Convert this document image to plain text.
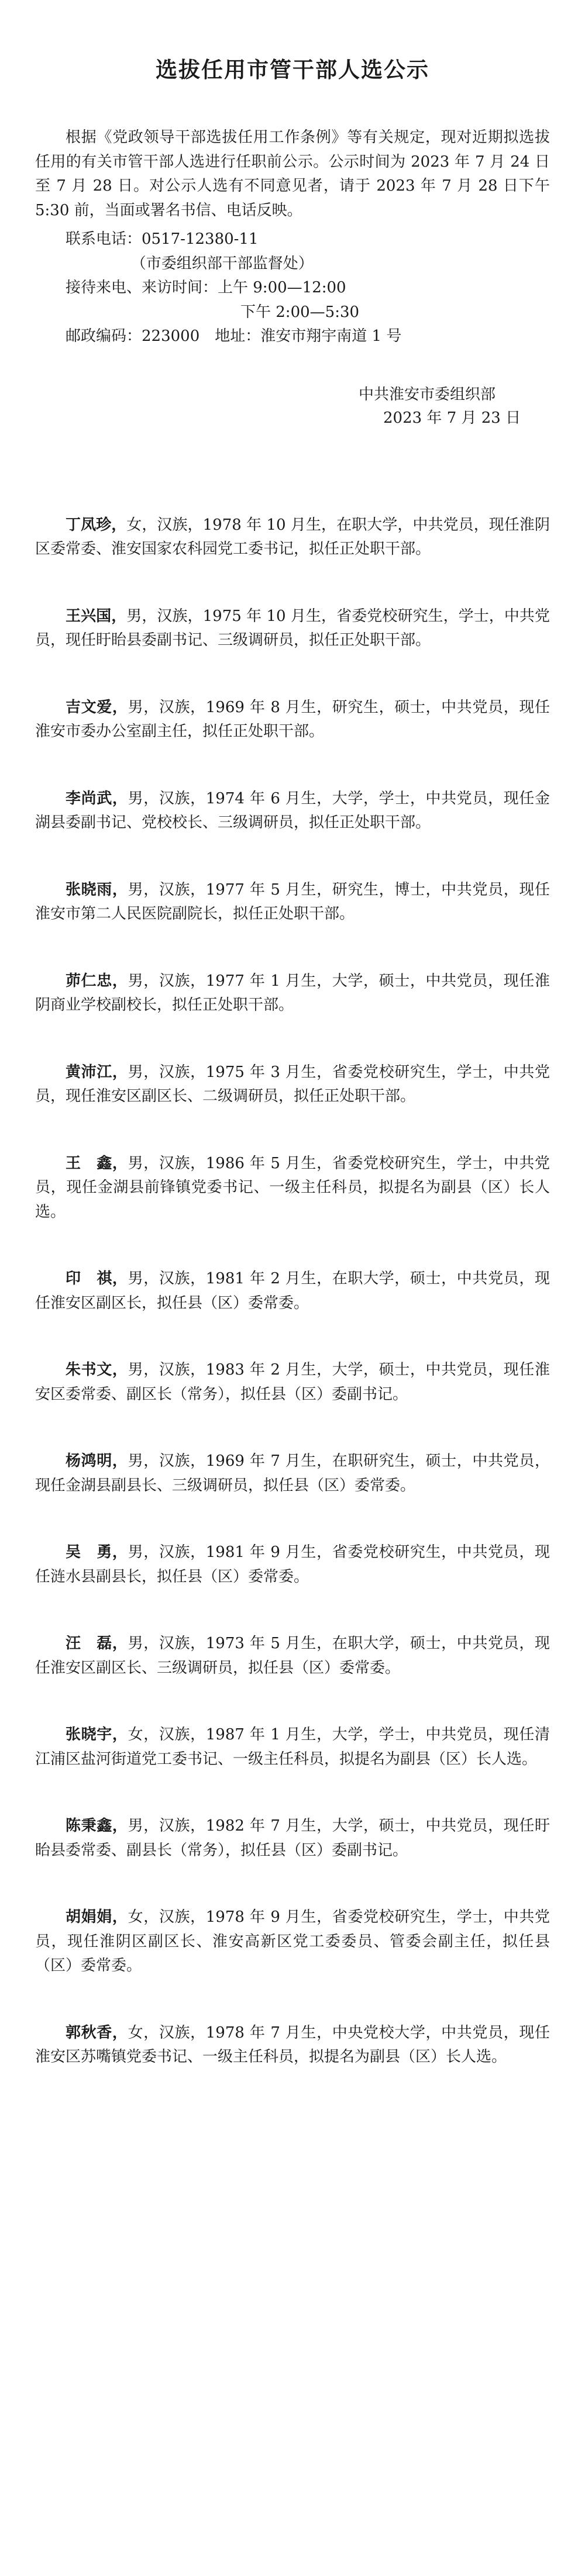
选拔任用市管干部人选公示

根据《党政领导干部选拔任用工作条例》等有关规定，现对近期拟选拔任用的有关市管干部人选进行任职前公示。公示时间为 2023 年 7 月 24 日至 7 月 28 日。对公示人选有不同意见者，请于 2023 年 7 月 28 日下午 5:30 前，当面或署名书信、电话反映。

联系电话：0517-12380-11
（市委组织部干部监督处）
接待来电、来访时间：上午 9:00—12:00
下午 2:00—5:30
邮政编码：223000　地址：淮安市翔宇南道 1 号
中共淮安市委组织部
2023 年 7 月 23 日

丁凤珍，女，汉族，1978 年 10 月生，在职大学，中共党员，现任淮阴区委常委、淮安国家农科园党工委书记，拟任正处职干部。

王兴国，男，汉族，1975 年 10 月生，省委党校研究生，学士，中共党员，现任盱眙县委副书记、三级调研员，拟任正处职干部。

吉文爱，男，汉族，1969 年 8 月生，研究生，硕士，中共党员，现任淮安市委办公室副主任，拟任正处职干部。

李尚武，男，汉族，1974 年 6 月生，大学，学士，中共党员，现任金湖县委副书记、党校校长、三级调研员，拟任正处职干部。

张晓雨，男，汉族，1977 年 5 月生，研究生，博士，中共党员，现任淮安市第二人民医院副院长，拟任正处职干部。

茆仁忠，男，汉族，1977 年 1 月生，大学，硕士，中共党员，现任淮阴商业学校副校长，拟任正处职干部。

黄沛江，男，汉族，1975 年 3 月生，省委党校研究生，学士，中共党员，现任淮安区副区长、二级调研员，拟任正处职干部。

王　鑫，男，汉族，1986 年 5 月生，省委党校研究生，学士，中共党员，现任金湖县前锋镇党委书记、一级主任科员，拟提名为副县（区）长人选。

印　祺，男，汉族，1981 年 2 月生，在职大学，硕士，中共党员，现任淮安区副区长，拟任县（区）委常委。

朱书文，男，汉族，1983 年 2 月生，大学，硕士，中共党员，现任淮安区委常委、副区长（常务），拟任县（区）委副书记。

杨鸿明，男，汉族，1969 年 7 月生，在职研究生，硕士，中共党员，现任金湖县副县长、三级调研员，拟任县（区）委常委。

吴　勇，男，汉族，1981 年 9 月生，省委党校研究生，中共党员，现任涟水县副县长，拟任县（区）委常委。

汪　磊，男，汉族，1973 年 5 月生，在职大学，硕士，中共党员，现任淮安区副区长、三级调研员，拟任县（区）委常委。

张晓宇，女，汉族，1987 年 1 月生，大学，学士，中共党员，现任清江浦区盐河街道党工委书记、一级主任科员，拟提名为副县（区）长人选。

陈秉鑫，男，汉族，1982 年 7 月生，大学，硕士，中共党员，现任盱眙县委常委、副县长（常务），拟任县（区）委副书记。

胡娟娟，女，汉族，1978 年 9 月生，省委党校研究生，学士，中共党员，现任淮阴区副区长、淮安高新区党工委委员、管委会副主任，拟任县（区）委常委。

郭秋香，女，汉族，1978 年 7 月生，中央党校大学，中共党员，现任淮安区苏嘴镇党委书记、一级主任科员，拟提名为副县（区）长人选。
